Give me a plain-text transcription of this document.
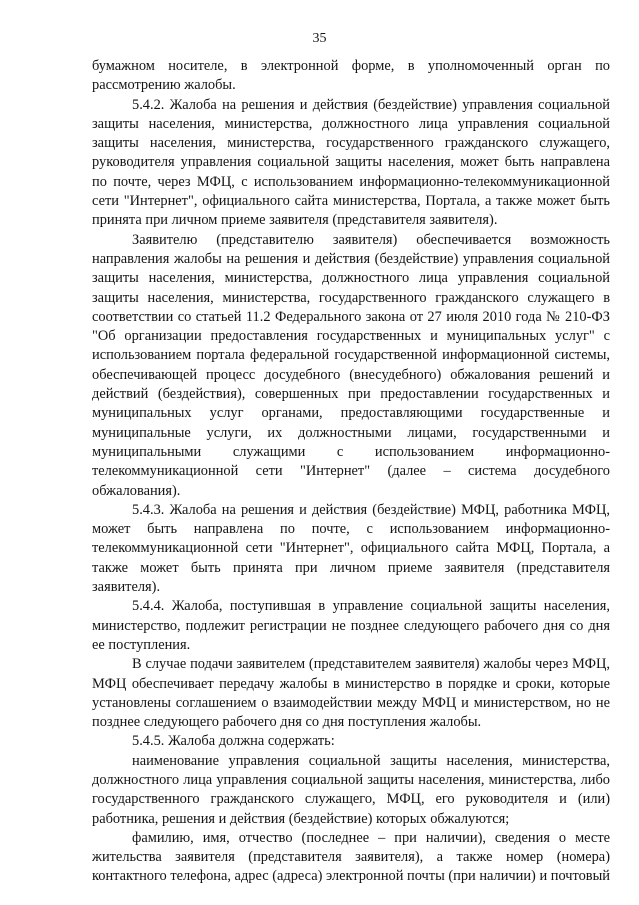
35

бумажном носителе, в электронной форме, в уполномоченный орган по рассмотрению жалобы.

5.4.2. Жалоба на решения и действия (бездействие) управления социальной защиты населения, министерства, должностного лица управления социальной защиты населения, министерства, государственного гражданского служащего, руководителя управления социальной защиты населения, может быть направлена по почте, через МФЦ, с использованием информационно-телекоммуникационной сети "Интернет", официального сайта министерства, Портала, а также может быть принята при личном приеме заявителя (представителя заявителя).

Заявителю (представителю заявителя) обеспечивается возможность направления жалобы на решения и действия (бездействие) управления социальной защиты населения, министерства, должностного лица управления социальной защиты населения, министерства, государственного гражданского служащего в соответствии со статьей 11.2 Федерального закона от 27 июля 2010 года № 210-ФЗ "Об организации предоставления государственных и муниципальных услуг" с использованием портала федеральной государственной информационной системы, обеспечивающей процесс досудебного (внесудебного) обжалования решений и действий (бездействия), совершенных при предоставлении государственных и муниципальных услуг органами, предоставляющими государственные и муниципальные услуги, их должностными лицами, государственными и муниципальными служащими с использованием информационно-телекоммуникационной сети "Интернет" (далее – система досудебного обжалования).

5.4.3. Жалоба на решения и действия (бездействие) МФЦ, работника МФЦ, может быть направлена по почте, с использованием информационно-телекоммуникационной сети "Интернет", официального сайта МФЦ, Портала, а также может быть принята при личном приеме заявителя (представителя заявителя).

5.4.4. Жалоба, поступившая в управление социальной защиты населения, министерство, подлежит регистрации не позднее следующего рабочего дня со дня ее поступления.

В случае подачи заявителем (представителем заявителя) жалобы через МФЦ, МФЦ обеспечивает передачу жалобы в министерство в порядке и сроки, которые установлены соглашением о взаимодействии между МФЦ и министерством, но не позднее следующего рабочего дня со дня поступления жалобы.

5.4.5. Жалоба должна содержать:

наименование управления социальной защиты населения, министерства, должностного лица управления социальной защиты населения, министерства, либо государственного гражданского служащего, МФЦ, его руководителя и (или) работника, решения и действия (бездействие) которых обжалуются;

фамилию, имя, отчество (последнее – при наличии), сведения о месте жительства заявителя (представителя заявителя), а также номер (номера) контактного телефона, адрес (адреса) электронной почты (при наличии) и почтовый
